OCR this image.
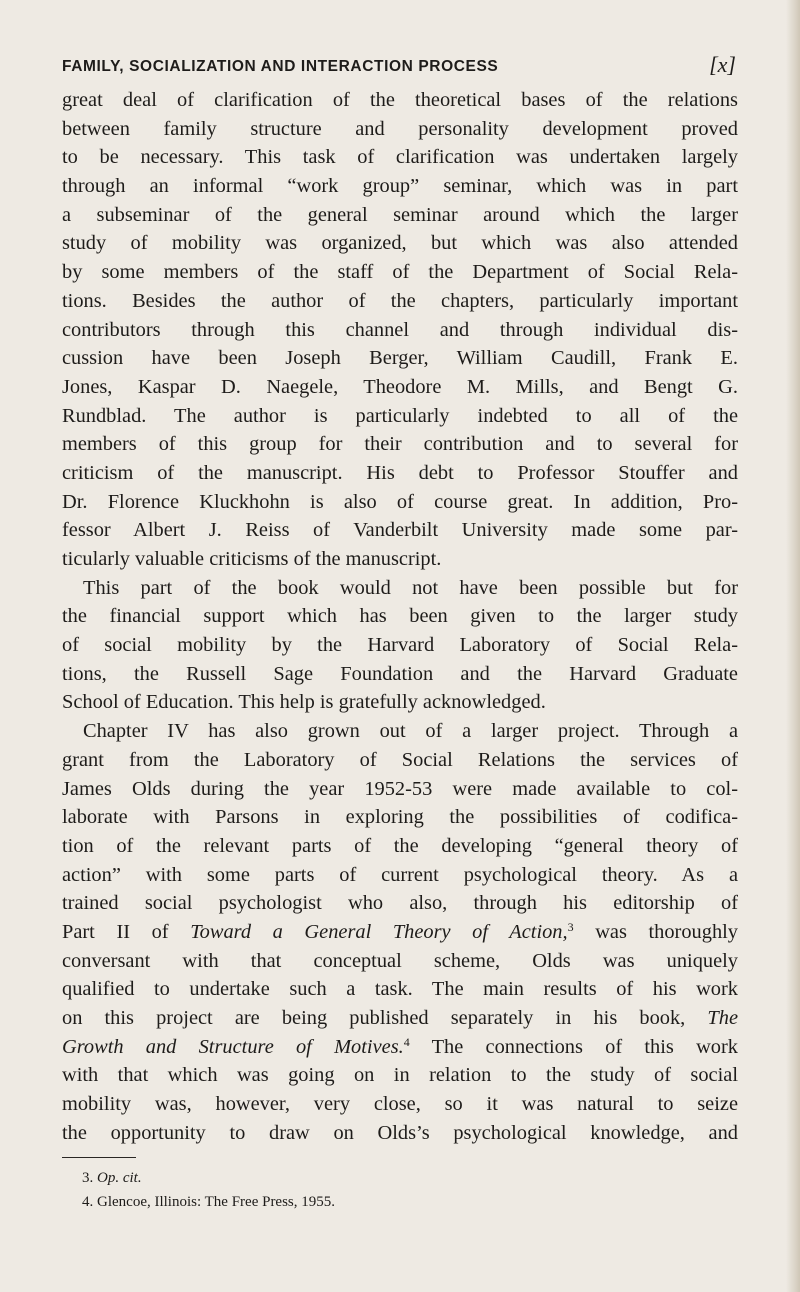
FAMILY, SOCIALIZATION AND INTERACTION PROCESS	[x]
great deal of clarification of the theoretical bases of the relations
between family structure and personality development proved
to be necessary. This task of clarification was undertaken largely
through an informal “work group” seminar, which was in part
a subseminar of the general seminar around which the larger
study of mobility was organized, but which was also attended
by some members of the staff of the Department of Social Rela-
tions. Besides the author of the chapters, particularly important
contributors through this channel and through individual dis-
cussion have been Joseph Berger, William Caudill, Frank E.
Jones, Kaspar D. Naegele, Theodore M. Mills, and Bengt G.
Rundblad. The author is particularly indebted to all of the
members of this group for their contribution and to several for
criticism of the manuscript. His debt to Professor Stouffer and
Dr. Florence Kluckhohn is also of course great. In addition, Pro-
fessor Albert J. Reiss of Vanderbilt University made some par-
ticularly valuable criticisms of the manuscript.
This part of the book would not have been possible but for
the financial support which has been given to the larger study
of social mobility by the Harvard Laboratory of Social Rela-
tions, the Russell Sage Foundation and the Harvard Graduate
School of Education. This help is gratefully acknowledged.
Chapter IV has also grown out of a larger project. Through a
grant from the Laboratory of Social Relations the services of
James Olds during the year 1952-53 were made available to col-
laborate with Parsons in exploring the possibilities of codifica-
tion of the relevant parts of the developing “general theory of
action” with some parts of current psychological theory. As a
trained social psychologist who also, through his editorship of
Part II of Toward a General Theory of Action,$^3$ was thoroughly
conversant with that conceptual scheme, Olds was uniquely
qualified to undertake such a task. The main results of his work
on this project are being published separately in his book, The
Growth and Structure of Motives.$^4$ The connections of this work
with that which was going on in relation to the study of social
mobility was, however, very close, so it was natural to seize
the opportunity to draw on Olds’s psychological knowledge, and
3. Op. cit.
4. Glencoe, Illinois: The Free Press, 1955.
